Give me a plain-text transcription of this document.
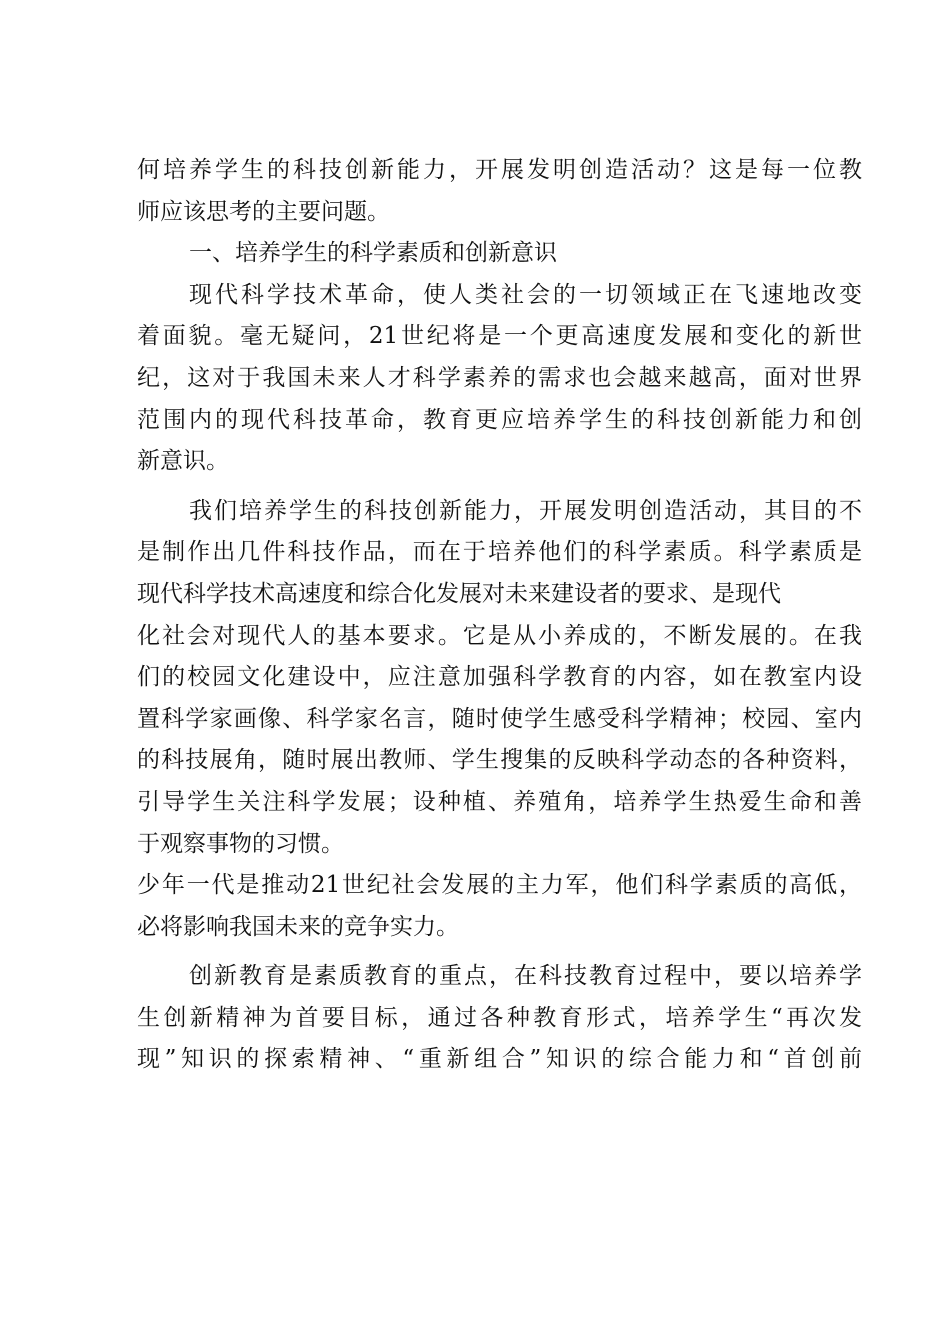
何培养学生的科技创新能力，开展发明创造活动？这是每一位教
师应该思考的主要问题。
一、培养学生的科学素质和创新意识
现代科学技术革命，使人类社会的一切领域正在飞速地改变
着面貌。毫无疑问，21世纪将是一个更高速度发展和变化的新世
纪，这对于我国未来人才科学素养的需求也会越来越高，面对世界
范围内的现代科技革命，教育更应培养学生的科技创新能力和创
新意识。
我们培养学生的科技创新能力，开展发明创造活动，其目的不
是制作出几件科技作品，而在于培养他们的科学素质。科学素质是
现代科学技术高速度和综合化发展对未来建设者的要求、是现代
化社会对现代人的基本要求。它是从小养成的，不断发展的。在我
们的校园文化建设中，应注意加强科学教育的内容，如在教室内设
置科学家画像、科学家名言，随时使学生感受科学精神；校园、室内
的科技展角，随时展出教师、学生搜集的反映科学动态的各种资料，
引导学生关注科学发展；设种植、养殖角，培养学生热爱生命和善
于观察事物的习惯。
少年一代是推动21世纪社会发展的主力军，他们科学素质的高低，
必将影响我国未来的竞争实力。
创新教育是素质教育的重点，在科技教育过程中，要以培养学
生创新精神为首要目标，通过各种教育形式，培养学生“再次发
现”知识的探索精神、“重新组合”知识的综合能力和“首创前
